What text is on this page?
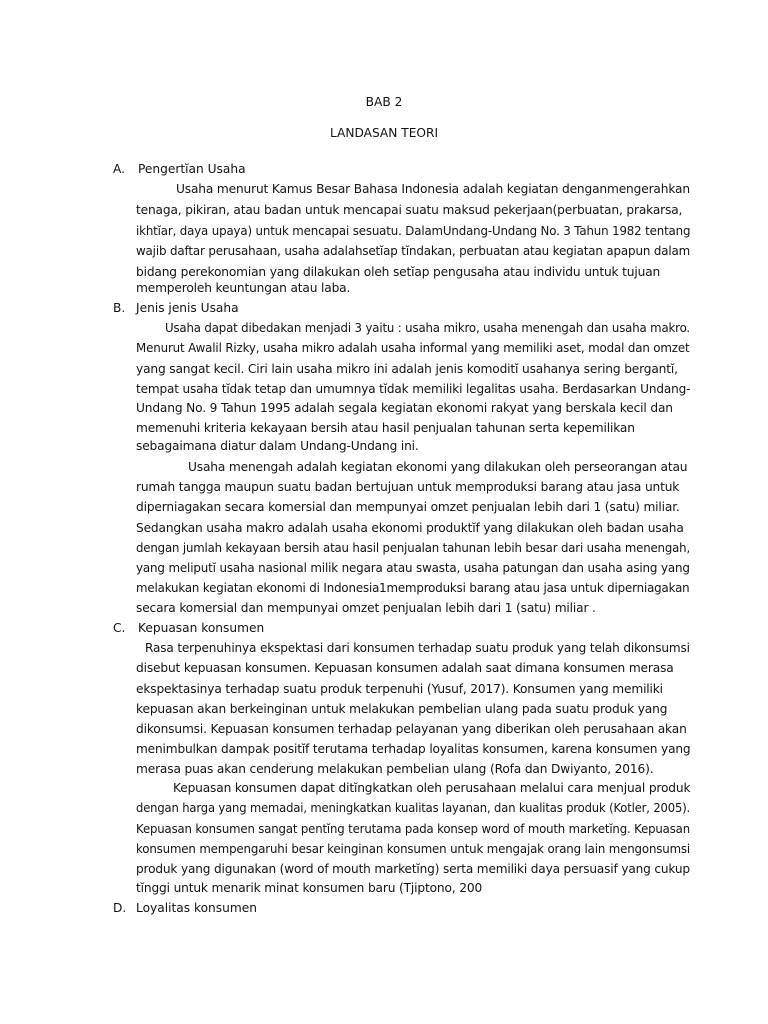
BAB 2
LANDASAN TEORI
A. Pengertĭan Usaha
Usaha menurut Kamus Besar Bahasa Indonesia adalah kegiatan denganmengerahkan
tenaga, pikiran, atau badan untuk mencapai suatu maksud pekerjaan(perbuatan, prakarsa,
ikhtĭar, daya upaya) untuk mencapai sesuatu. DalamUndang-Undang No. 3 Tahun 1982 tentang
wajib daftar perusahaan, usaha adalahsetĭap tĭndakan, perbuatan atau kegiatan apapun dalam
bidang perekonomian yang dilakukan oleh setĭap pengusaha atau individu untuk tujuan
memperoleh keuntungan atau laba.
B. Jenis jenis Usaha
Usaha dapat dibedakan menjadi 3 yaitu : usaha mikro, usaha menengah dan usaha makro.
Menurut Awalil Rizky, usaha mikro adalah usaha informal yang memiliki aset, modal dan omzet
yang sangat kecil. Ciri lain usaha mikro ini adalah jenis komoditĭ usahanya sering bergantĭ,
tempat usaha tĭdak tetap dan umumnya tĭdak memiliki legalitas usaha. Berdasarkan Undang-
Undang No. 9 Tahun 1995 adalah segala kegiatan ekonomi rakyat yang berskala kecil dan
memenuhi kriteria kekayaan bersih atau hasil penjualan tahunan serta kepemilikan
sebagaimana diatur dalam Undang-Undang ini.
Usaha menengah adalah kegiatan ekonomi yang dilakukan oleh perseorangan atau
rumah tangga maupun suatu badan bertujuan untuk memproduksi barang atau jasa untuk
diperniagakan secara komersial dan mempunyai omzet penjualan lebih dari 1 (satu) miliar.
Sedangkan usaha makro adalah usaha ekonomi produktĭf yang dilakukan oleh badan usaha
dengan jumlah kekayaan bersih atau hasil penjualan tahunan lebih besar dari usaha menengah,
yang meliputĭ usaha nasional milik negara atau swasta, usaha patungan dan usaha asing yang
melakukan kegiatan ekonomi di Indonesia1memproduksi barang atau jasa untuk diperniagakan
secara komersial dan mempunyai omzet penjualan lebih dari 1 (satu) miliar .
C. Kepuasan konsumen
Rasa terpenuhinya ekspektasi dari konsumen terhadap suatu produk yang telah dikonsumsi
disebut kepuasan konsumen. Kepuasan konsumen adalah saat dimana konsumen merasa
ekspektasinya terhadap suatu produk terpenuhi (Yusuf, 2017). Konsumen yang memiliki
kepuasan akan berkeinginan untuk melakukan pembelian ulang pada suatu produk yang
dikonsumsi. Kepuasan konsumen terhadap pelayanan yang diberikan oleh perusahaan akan
menimbulkan dampak positĭf terutama terhadap loyalitas konsumen, karena konsumen yang
merasa puas akan cenderung melakukan pembelian ulang (Rofa dan Dwiyanto, 2016).
Kepuasan konsumen dapat ditĭngkatkan oleh perusahaan melalui cara menjual produk
dengan harga yang memadai, meningkatkan kualitas layanan, dan kualitas produk (Kotler, 2005).
Kepuasan konsumen sangat pentĭng terutama pada konsep word of mouth marketĭng. Kepuasan
konsumen mempengaruhi besar keinginan konsumen untuk mengajak orang lain mengonsumsi
produk yang digunakan (word of mouth marketĭng) serta memiliki daya persuasif yang cukup
tĭnggi untuk menarik minat konsumen baru (Tjiptono, 200
D. Loyalitas konsumen
